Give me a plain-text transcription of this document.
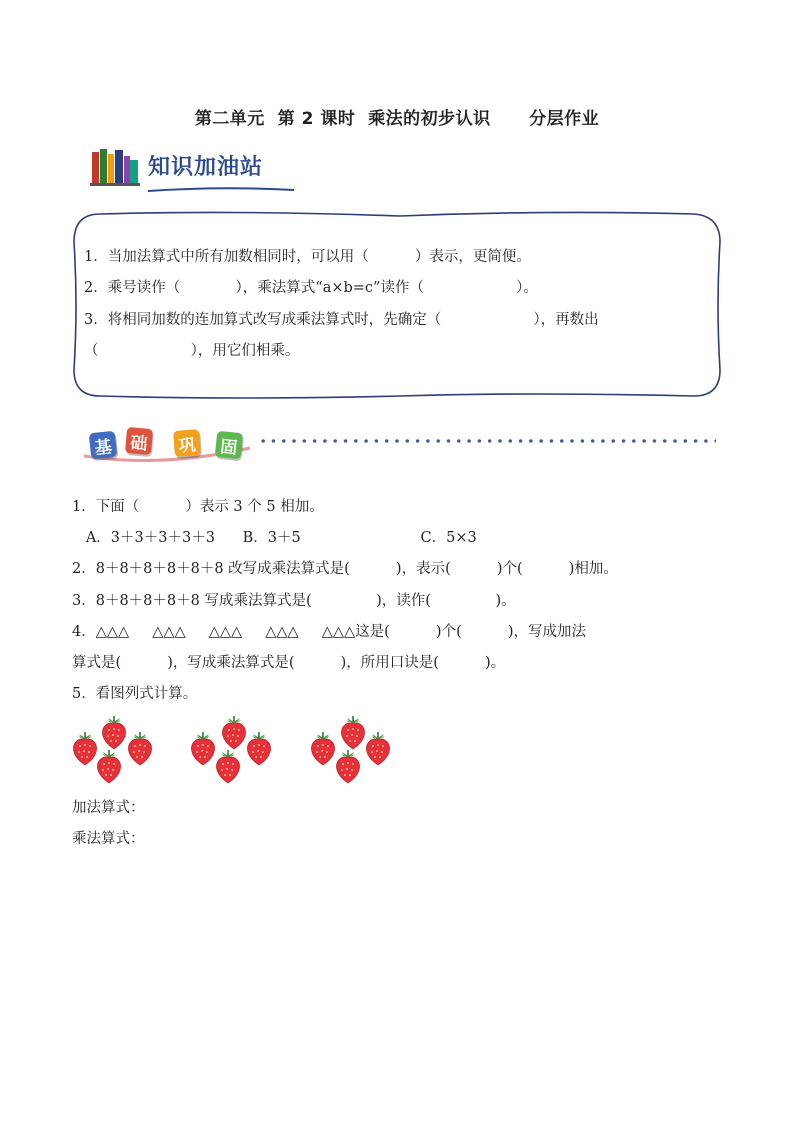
第二单元  第 2 课时  乘法的初步认识      分层作业
知识加油站
1．当加法算式中所有加数相同时，可以用（          ）表示，更简便。
2．乘号读作（            ），乘法算式“a×b=c”读作（                    ）。
3．将相同加数的连加算式改写成乘法算式时，先确定（                    ），再数出
（                    ），用它们相乘。
基 础 巩 固
1．下面（          ）表示 3 个 5 相加。
A．3＋3＋3＋3＋3      B．3＋5                          C．5×3
2．8＋8＋8＋8＋8＋8 改写成乘法算式是(          )，表示(          )个(          )相加。
3．8＋8＋8＋8＋8 写成乘法算式是(              )，读作(              )。
4．△△△     △△△     △△△     △△△     △△△这是(          )个(          )，写成加法
算式是(          )，写成乘法算式是(          )，所用口诀是(          )。
5．看图列式计算。
加法算式：
乘法算式：
